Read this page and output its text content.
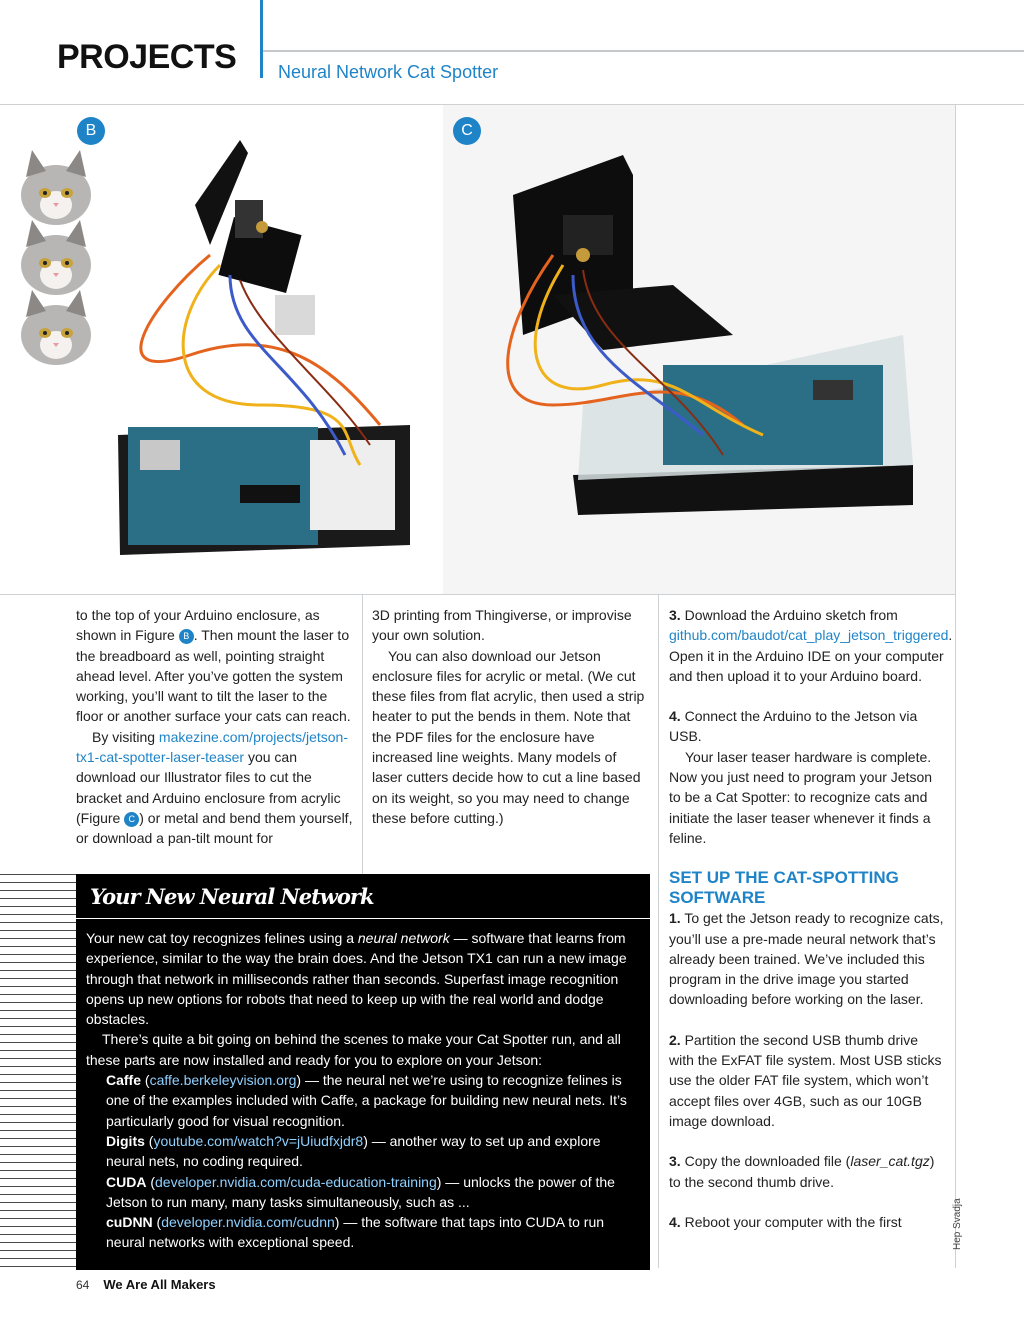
PROJECTS Neural Network Cat Spotter
B	C

to the top of your Arduino enclosure, as shown in Figure B . Then mount the laser to the breadboard as well, pointing straight ahead level. After you’ve gotten the system working, you’ll want to tilt the laser to the floor or another surface your cats can reach.

By visiting makezine.com/projects/jetson-tx1-cat-spotter-laser-teaser you can download our Illustrator files to cut the bracket and Arduino enclosure from acrylic (Figure C ) or metal and bend them yourself, or download a pan-tilt mount for

3D printing from Thingiverse, or improvise your own solution.

You can also download our Jetson enclosure files for acrylic or metal. (We cut these files from flat acrylic, then used a strip heater to put the bends in them. Note that the PDF files for the enclosure have increased line weights. Many models of laser cutters decide how to cut a line based on its weight, so you may need to change these before cutting.)

3. Download the Arduino sketch from github.com/baudot/cat_play_jetson_triggered. Open it in the Arduino IDE on your computer and then upload it to your Arduino board.

4. Connect the Arduino to the Jetson via USB.

Your laser teaser hardware is complete. Now you just need to program your Jetson to be a Cat Spotter: to recognize cats and initiate the laser teaser whenever it finds a feline.

SET UP THE CAT-SPOTTING SOFTWARE

1. To get the Jetson ready to recognize cats, you’ll use a pre-made neural network that’s already been trained. We’ve included this program in the drive image you started downloading before working on the laser.

2. Partition the second USB thumb drive with the ExFAT file system. Most USB sticks use the older FAT file system, which won’t accept files over 4GB, such as our 10GB image download.

3. Copy the downloaded file (laser_cat.tgz) to the second thumb drive.

4. Reboot your computer with the first

Your New Neural Network

Your new cat toy recognizes felines using a neural network — software that learns from experience, similar to the way the brain does. And the Jetson TX1 can run a new image through that network in milliseconds rather than seconds. Superfast image recognition opens up new options for robots that need to keep up with the real world and dodge obstacles.

There’s quite a bit going on behind the scenes to make your Cat Spotter run, and all these parts are now installed and ready for you to explore on your Jetson:

Caffe (caffe.berkeleyvision.org) — the neural net we’re using to recognize felines is one of the examples included with Caffe, a package for building new neural nets. It’s particularly good for visual recognition.

Digits (youtube.com/watch?v=jUiudfxjdr8) — another way to set up and explore neural nets, no coding required.

CUDA (developer.nvidia.com/cuda-education-training) — unlocks the power of the Jetson to run many, many tasks simultaneously, such as ...

cuDNN (developer.nvidia.com/cudnn) — the software that taps into CUDA to run neural networks with exceptional speed.

64 We Are All Makers
Hep Svadja
